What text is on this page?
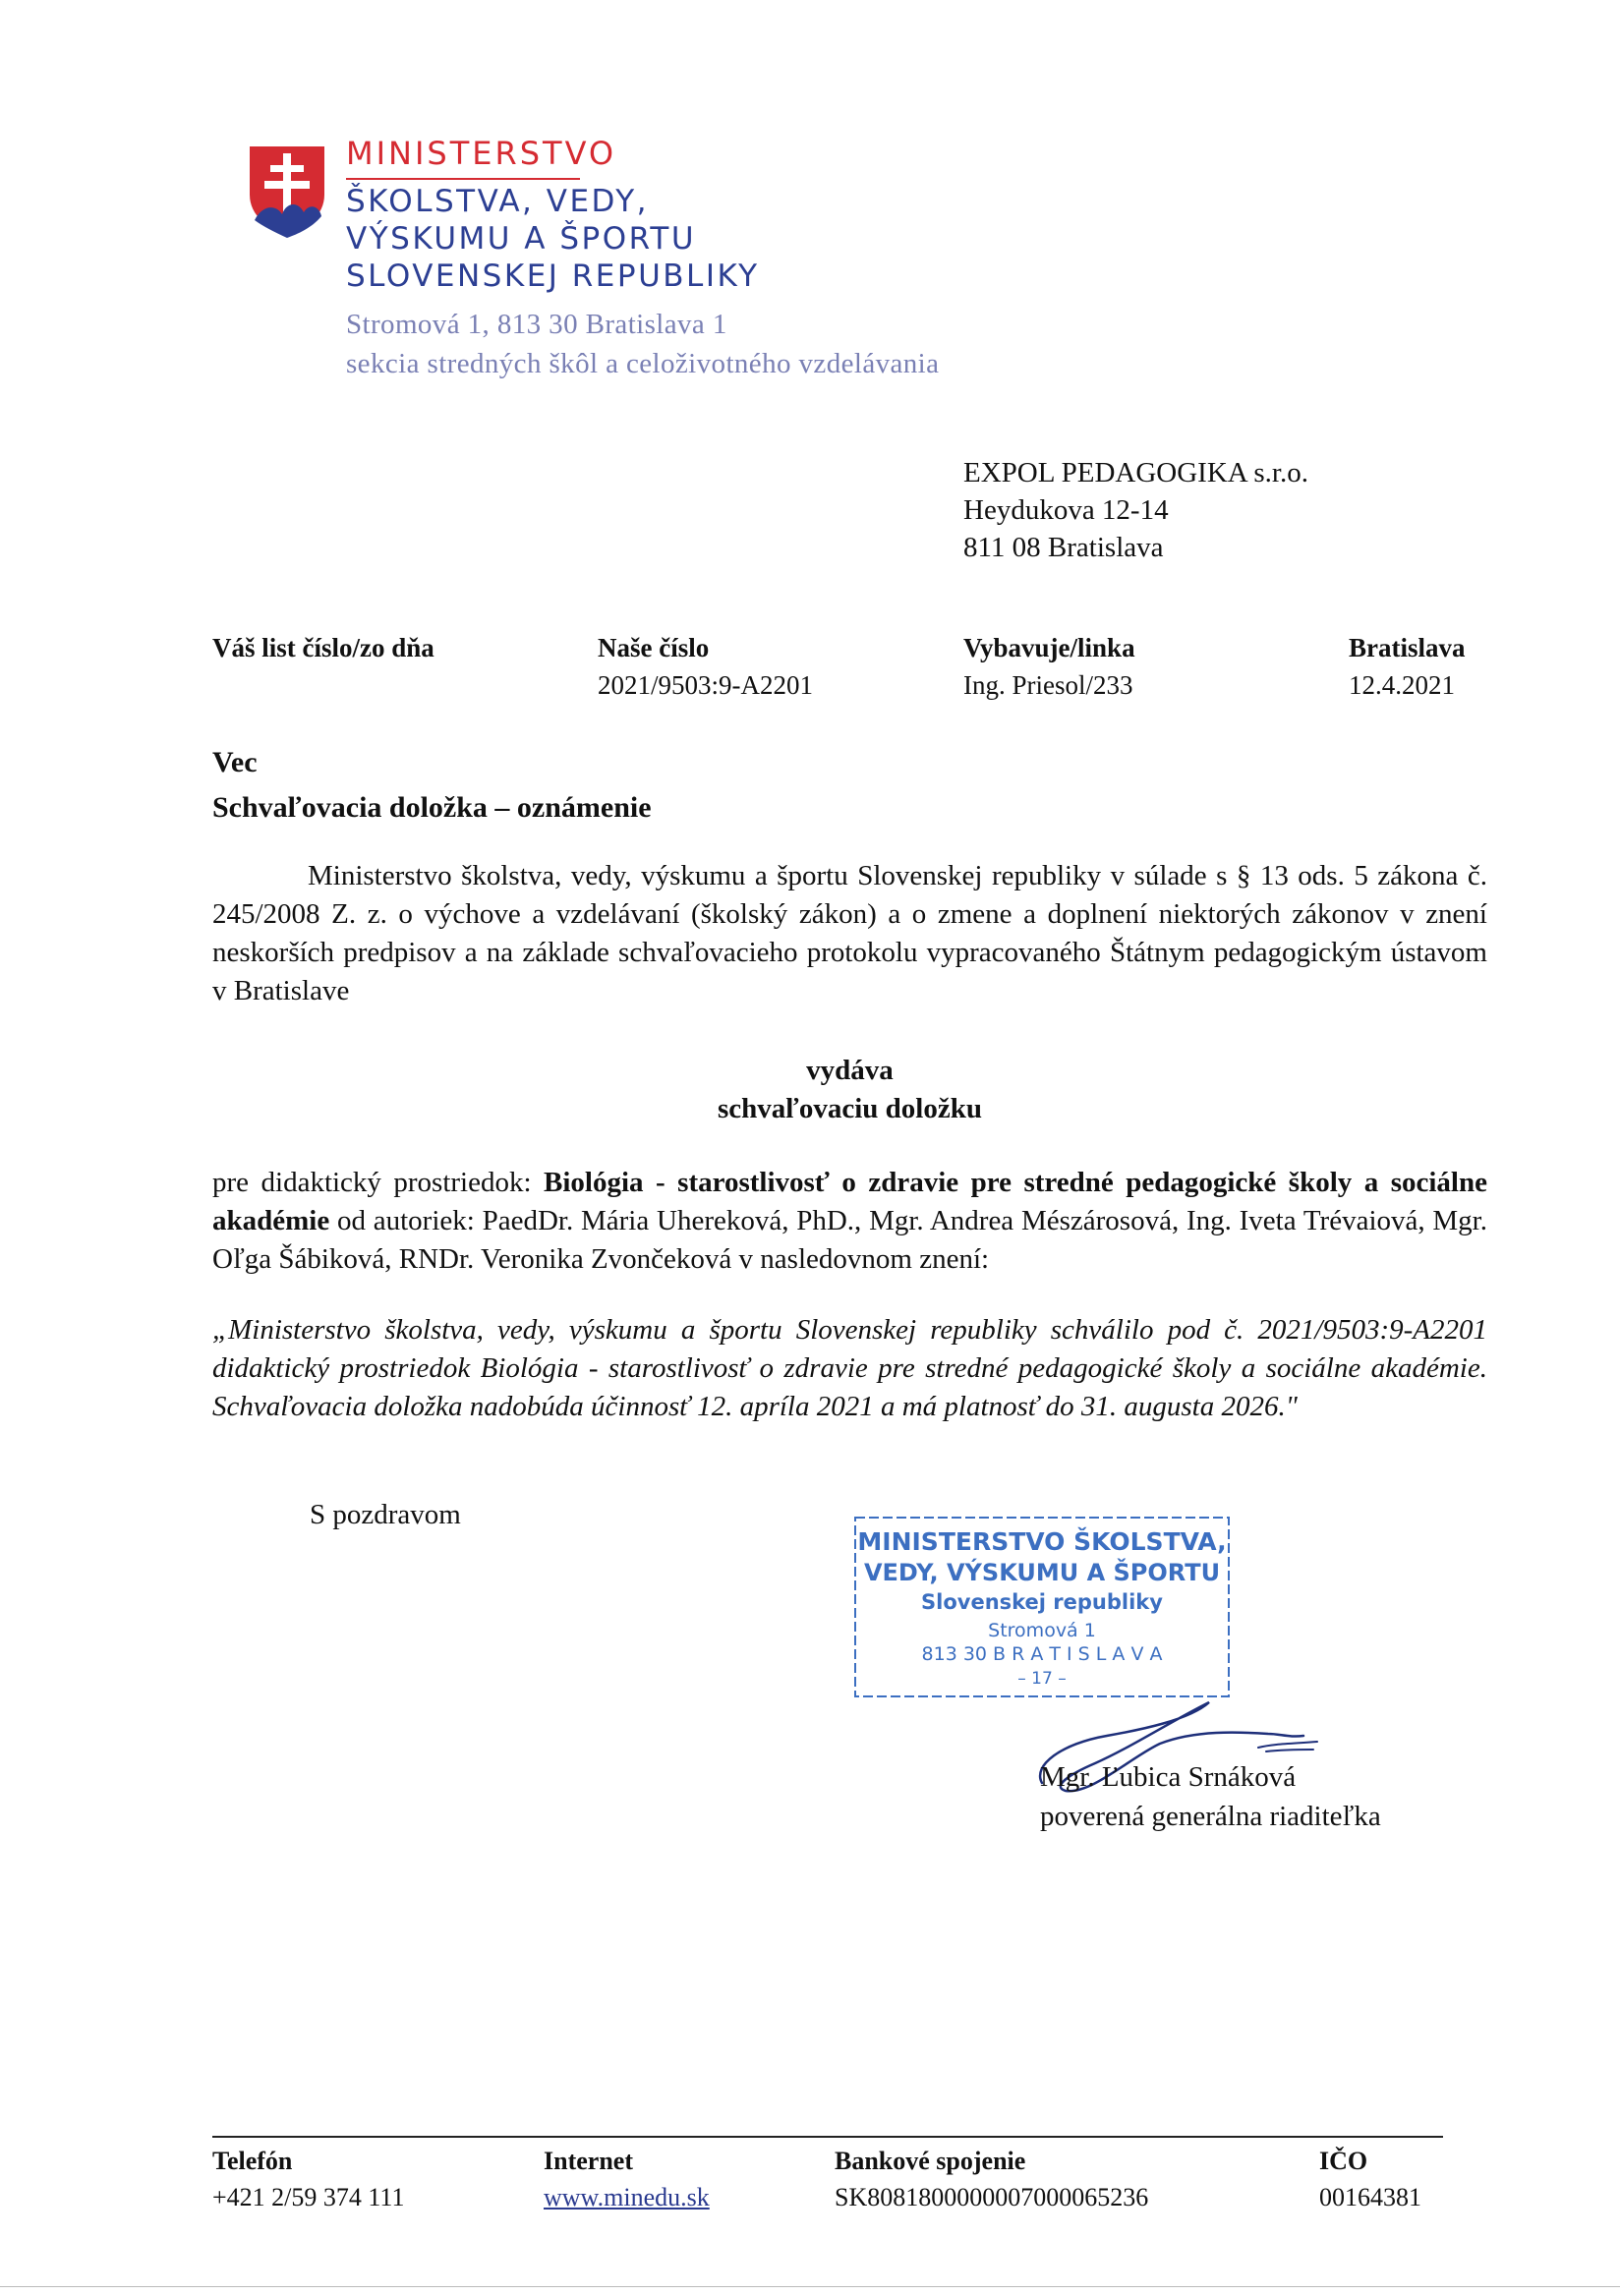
MINISTERSTVO
ŠKOLSTVA, VEDY,
VÝSKUMU A ŠPORTU
SLOVENSKEJ REPUBLIKY
Stromová 1, 813 30 Bratislava 1
sekcia stredných škôl a celoživotného vzdelávania
EXPOL PEDAGOGIKA s.r.o.
Heydukova 12-14
811 08 Bratislava
Váš list číslo/zo dňa	Naše číslo
2021/9503:9-A2201
Vybavuje/linka
Ing. Priesol/233
Bratislava
12.4.2021
Vec
Schvaľovacia doložka – oznámenie

Ministerstvo školstva, vedy, výskumu a športu Slovenskej republiky v súlade s § 13 ods. 5 zákona č. 245/2008 Z. z. o výchove a vzdelávaní (školský zákon) a o zmene a doplnení niektorých zákonov v znení neskorších predpisov a na základe schvaľovacieho protokolu vypracovaného Štátnym pedagogickým ústavom v Bratislave

vydáva
schvaľovaciu doložku

pre didaktický prostriedok: Biológia - starostlivosť o zdravie pre stredné pedagogické školy a sociálne akadémie od autoriek: PaedDr. Mária Uhereková, PhD., Mgr. Andrea Mészárosová, Ing. Iveta Trévaiová, Mgr. Oľga Šábiková, RNDr. Veronika Zvončeková v nasledovnom znení:

„Ministerstvo školstva, vedy, výskumu a športu Slovenskej republiky schválilo pod č. 2021/9503:9-A2201 didaktický prostriedok Biológia - starostlivosť o zdravie pre stredné pedagogické školy a sociálne akadémie. Schvaľovacia doložka nadobúda účinnosť 12. apríla 2021 a má platnosť do 31. augusta 2026."

S pozdravom
MINISTERSTVO ŠKOLSTVA,
VEDY, VÝSKUMU A ŠPORTU
Slovenskej republiky
Stromová 1
813 30 B R A T I S L A V A
– 17 –
Mgr. Ľubica Srnáková
poverená generálna riaditeľka
Telefón
+421 2/59 374 111
Internet
www.minedu.sk
Bankové spojenie
SK8081800000007000065236
IČO
00164381
